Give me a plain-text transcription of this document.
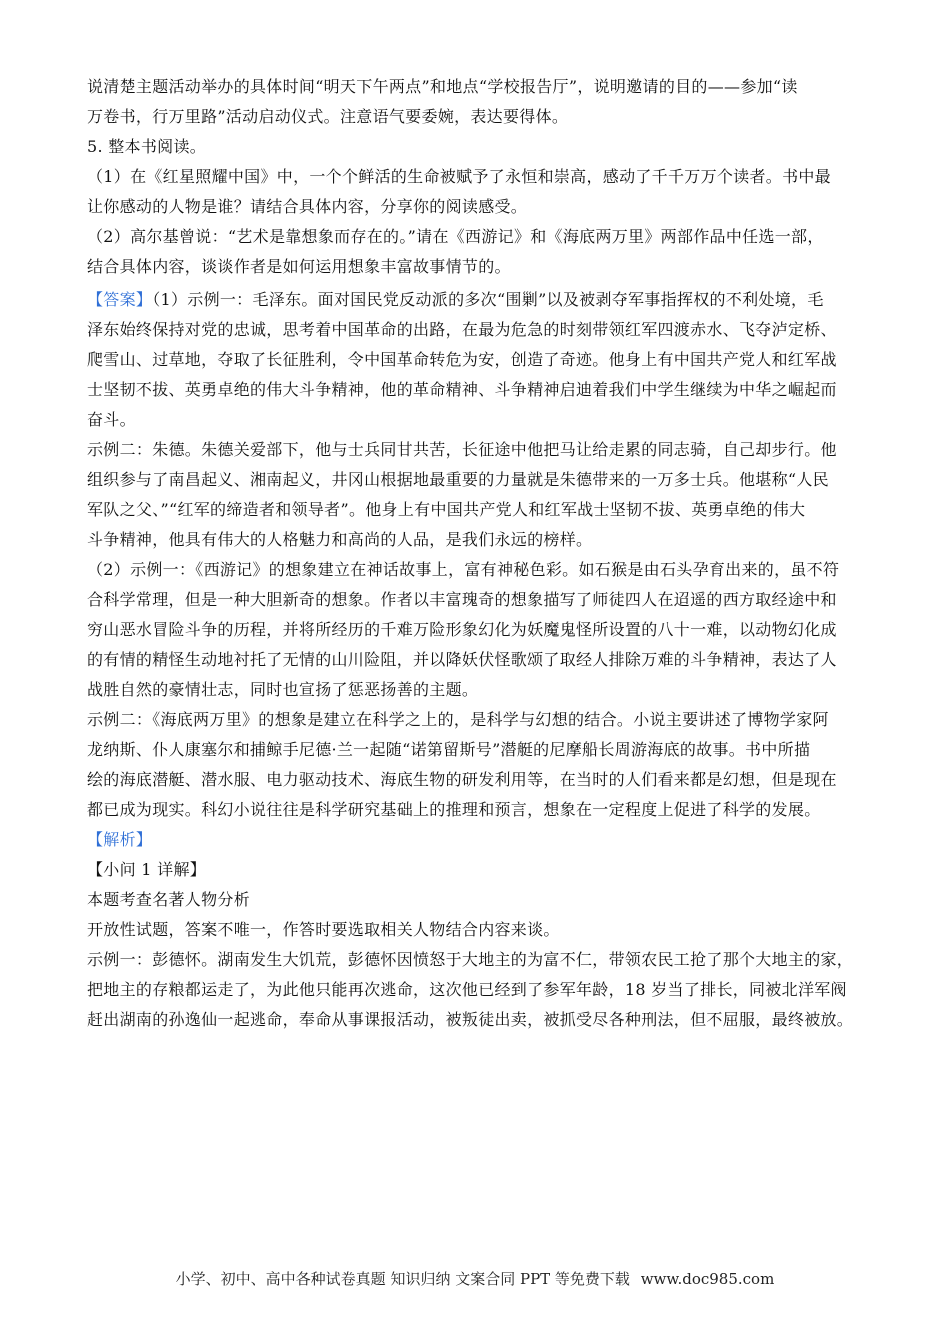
说清楚主题活动举办的具体时间“明天下午两点”和地点“学校报告厅”，说明邀请的目的——参加“读
万卷书，行万里路”活动启动仪式。注意语气要委婉，表达要得体。
5. 整本书阅读。
（1）在《红星照耀中国》中，一个个鲜活的生命被赋予了永恒和崇高，感动了千千万万个读者。书中最
让你感动的人物是谁？请结合具体内容，分享你的阅读感受。
（2）高尔基曾说：“艺术是靠想象而存在的。”请在《西游记》和《海底两万里》两部作品中任选一部，
结合具体内容，谈谈作者是如何运用想象丰富故事情节的。
【答案】（1）示例一：毛泽东。面对国民党反动派的多次“围剿”以及被剥夺军事指挥权的不利处境，毛
泽东始终保持对党的忠诚，思考着中国革命的出路，在最为危急的时刻带领红军四渡赤水、飞夺泸定桥、
爬雪山、过草地，夺取了长征胜利，令中国革命转危为安，创造了奇迹。他身上有中国共产党人和红军战
士坚韧不拔、英勇卓绝的伟大斗争精神，他的革命精神、斗争精神启迪着我们中学生继续为中华之崛起而
奋斗。
示例二：朱德。朱德关爱部下，他与士兵同甘共苦，长征途中他把马让给走累的同志骑，自己却步行。他
组织参与了南昌起义、湘南起义，井冈山根据地最重要的力量就是朱德带来的一万多士兵。他堪称“人民
军队之父、”“红军的缔造者和领导者”。他身上有中国共产党人和红军战士坚韧不拔、英勇卓绝的伟大
斗争精神，他具有伟大的人格魅力和高尚的人品，是我们永远的榜样。
（2）示例一：《西游记》的想象建立在神话故事上，富有神秘色彩。如石猴是由石头孕育出来的，虽不符
合科学常理，但是一种大胆新奇的想象。作者以丰富瑰奇的想象描写了师徒四人在迢遥的西方取经途中和
穷山恶水冒险斗争的历程，并将所经历的千难万险形象幻化为妖魔鬼怪所设置的八十一难，以动物幻化成
的有情的精怪生动地衬托了无情的山川险阻，并以降妖伏怪歌颂了取经人排除万难的斗争精神，表达了人
战胜自然的豪情壮志，同时也宣扬了惩恶扬善的主题。
示例二：《海底两万里》的想象是建立在科学之上的，是科学与幻想的结合。小说主要讲述了博物学家阿
龙纳斯、仆人康塞尔和捕鲸手尼德·兰一起随“诺第留斯号”潜艇的尼摩船长周游海底的故事。书中所描
绘的海底潜艇、潜水服、电力驱动技术、海底生物的研发利用等，在当时的人们看来都是幻想，但是现在
都已成为现实。科幻小说往往是科学研究基础上的推理和预言，想象在一定程度上促进了科学的发展。
【解析】
【小问 1 详解】
本题考查名著人物分析
开放性试题，答案不唯一，作答时要选取相关人物结合内容来谈。
示例一：彭德怀。湖南发生大饥荒，彭德怀因愤怒于大地主的为富不仁，带领农民工抢了那个大地主的家，
把地主的存粮都运走了，为此他只能再次逃命，这次他已经到了参军年龄，18 岁当了排长，同被北洋军阀
赶出湖南的孙逸仙一起逃命，奉命从事课报活动，被叛徒出卖，被抓受尽各种刑法，但不屈服，最终被放。
小学、初中、高中各种试卷真题 知识归纳 文案合同 PPT 等免费下载 www.doc985.com
